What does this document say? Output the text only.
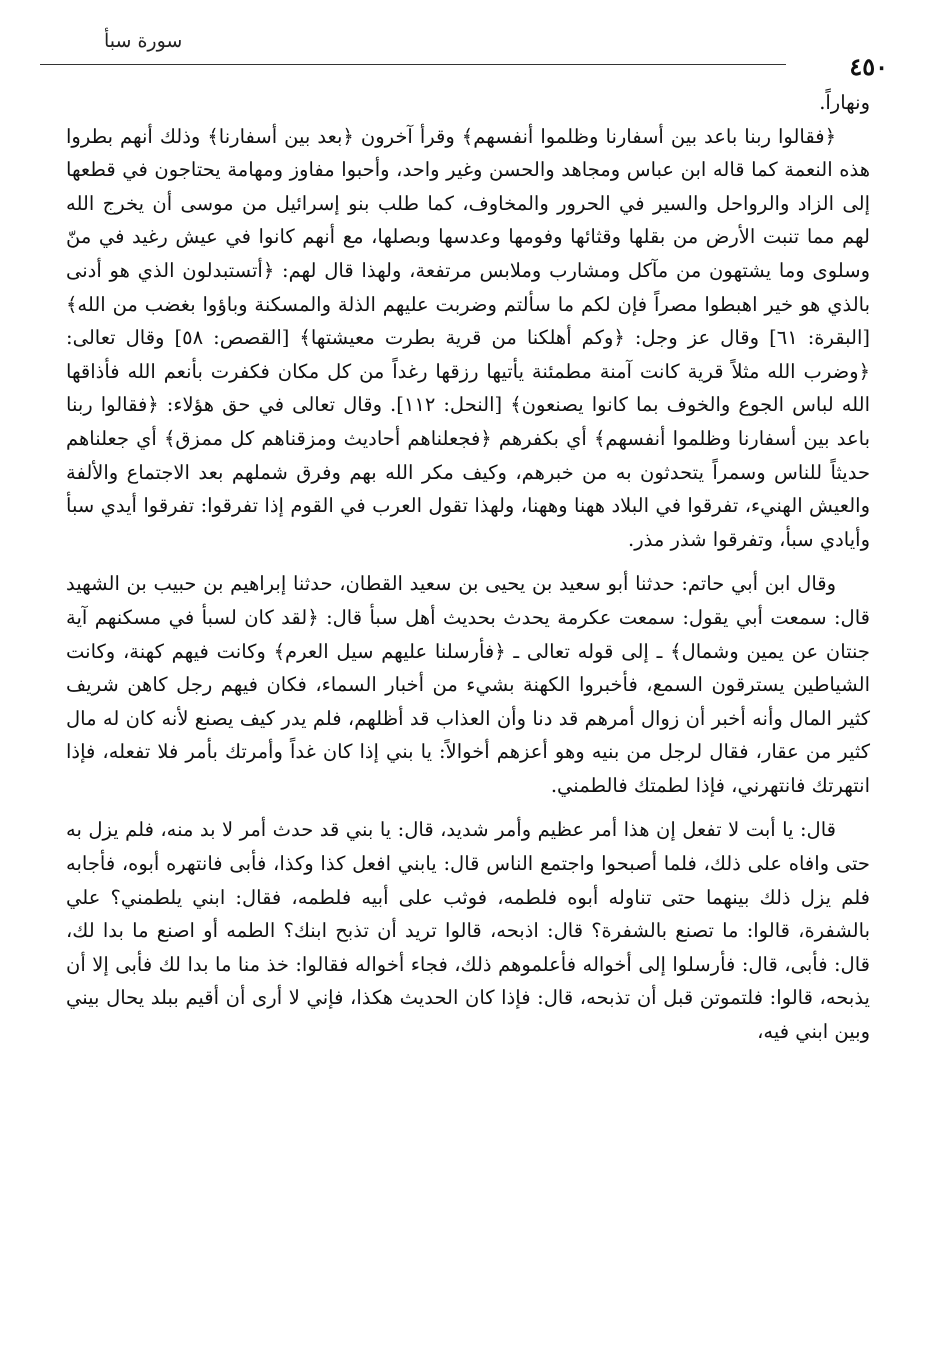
سورة سبأ
٤٥٠

ونهاراً.

﴿فقالوا ربنا باعد بين أسفارنا وظلموا أنفسهم﴾ وقرأ آخرون ﴿بعد بين أسفارنا﴾ وذلك أنهم بطروا هذه النعمة كما قاله ابن عباس ومجاهد والحسن وغير واحد، وأحبوا مفاوز ومهامة يحتاجون في قطعها إلى الزاد والرواحل والسير في الحرور والمخاوف، كما طلب بنو إسرائيل من موسى أن يخرج الله لهم مما تنبت الأرض من بقلها وقثائها وفومها وعدسها وبصلها، مع أنهم كانوا في عيش رغيد في منّ وسلوى وما يشتهون من مآكل ومشارب وملابس مرتفعة، ولهذا قال لهم: ﴿أتستبدلون الذي هو أدنى بالذي هو خير اهبطوا مصراً فإن لكم ما سألتم وضربت عليهم الذلة والمسكنة وباؤوا بغضب من الله﴾ [البقرة: ٦١] وقال عز وجل: ﴿وكم أهلكنا من قرية بطرت معيشتها﴾ [القصص: ٥٨] وقال تعالى: ﴿وضرب الله مثلاً قرية كانت آمنة مطمئنة يأتيها رزقها رغداً من كل مكان فكفرت بأنعم الله فأذاقها الله لباس الجوع والخوف بما كانوا يصنعون﴾ [النحل: ١١٢]. وقال تعالى في حق هؤلاء: ﴿فقالوا ربنا باعد بين أسفارنا وظلموا أنفسهم﴾ أي بكفرهم ﴿فجعلناهم أحاديث ومزقناهم كل ممزق﴾ أي جعلناهم حديثاً للناس وسمراً يتحدثون به من خبرهم، وكيف مكر الله بهم وفرق شملهم بعد الاجتماع والألفة والعيش الهنيء، تفرقوا في البلاد ههنا وههنا، ولهذا تقول العرب في القوم إذا تفرقوا: تفرقوا أيدي سبأ وأيادي سبأ، وتفرقوا شذر مذر.

وقال ابن أبي حاتم: حدثنا أبو سعيد بن يحيى بن سعيد القطان، حدثنا إبراهيم بن حبيب بن الشهيد قال: سمعت أبي يقول: سمعت عكرمة يحدث بحديث أهل سبأ قال: ﴿لقد كان لسبأ في مسكنهم آية جنتان عن يمين وشمال﴾ ـ إلى قوله تعالى ـ ﴿فأرسلنا عليهم سيل العرم﴾ وكانت فيهم كهنة، وكانت الشياطين يسترقون السمع، فأخبروا الكهنة بشيء من أخبار السماء، فكان فيهم رجل كاهن شريف كثير المال وأنه أخبر أن زوال أمرهم قد دنا وأن العذاب قد أظلهم، فلم يدر كيف يصنع لأنه كان له مال كثير من عقار، فقال لرجل من بنيه وهو أعزهم أخوالاً: يا بني إذا كان غداً وأمرتك بأمر فلا تفعله، فإذا انتهرتك فانتهرني، فإذا لطمتك فالطمني.

قال: يا أبت لا تفعل إن هذا أمر عظيم وأمر شديد، قال: يا بني قد حدث أمر لا بد منه، فلم يزل به حتى وافاه على ذلك، فلما أصبحوا واجتمع الناس قال: يابني افعل كذا وكذا، فأبى فانتهره أبوه، فأجابه فلم يزل ذلك بينهما حتى تناوله أبوه فلطمه، فوثب على أبيه فلطمه، فقال: ابني يلطمني؟ علي بالشفرة، قالوا: ما تصنع بالشفرة؟ قال: اذبحه، قالوا تريد أن تذبح ابنك؟ الطمه أو اصنع ما بدا لك، قال: فأبى، قال: فأرسلوا إلى أخواله فأعلموهم ذلك، فجاء أخواله فقالوا: خذ منا ما بدا لك فأبى إلا أن يذبحه، قالوا: فلتموتن قبل أن تذبحه، قال: فإذا كان الحديث هكذا، فإني لا أرى أن أقيم ببلد يحال بيني وبين ابني فيه،
